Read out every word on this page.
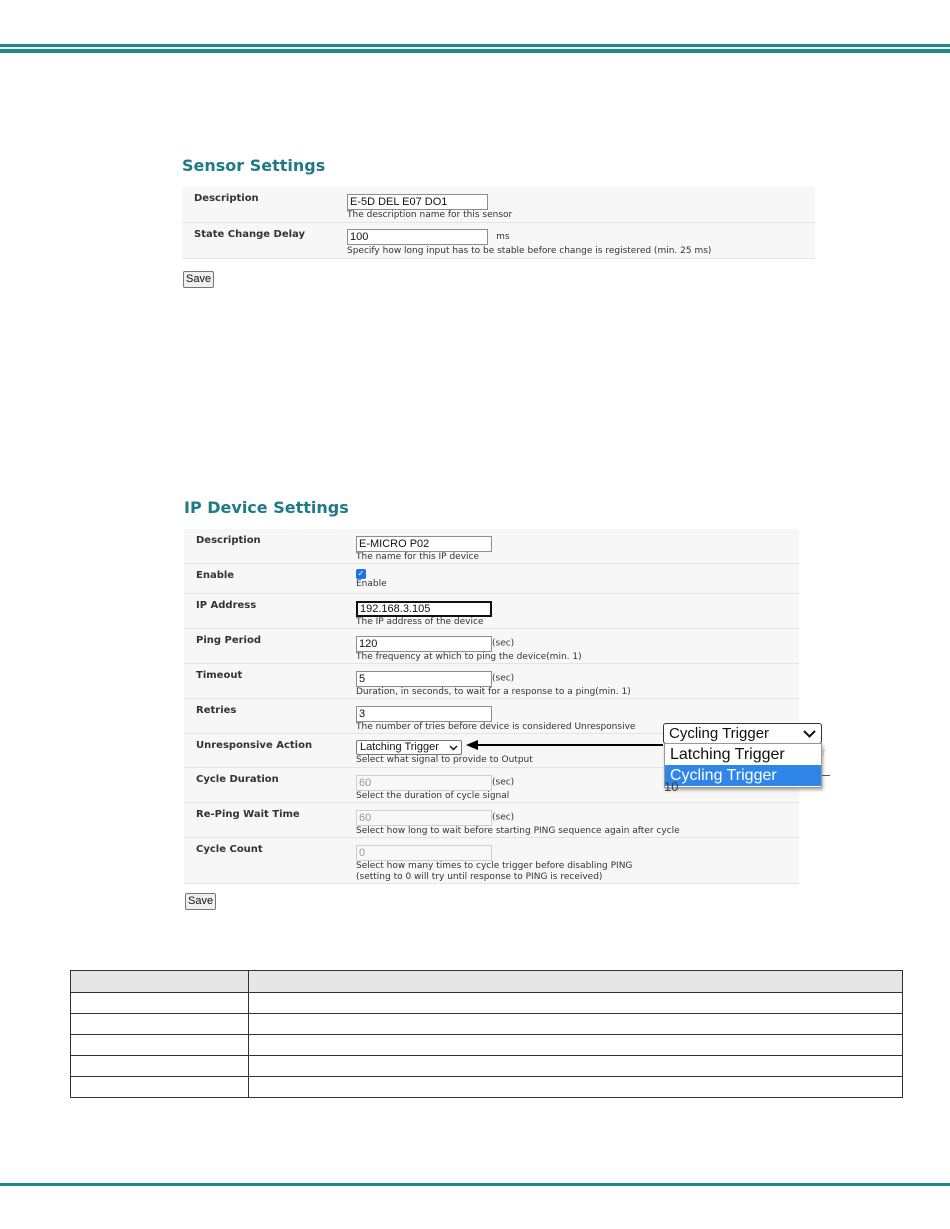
Sensor Settings
Description	E-5D DEL E07 DO1
The description name for this sensor

State Change Delay	100 ms
Specify how long input has to be stable before change is registered (min. 25 ms)
Save
IP Device Settings
Description	E-MICRO P02
The name for this IP device

Enable	✓
Enable

IP Address	192.168.3.105
The IP address of the device

Ping Period	120 (sec)
The frequency at which to ping the device(min. 1)

Timeout	5 (sec)
Duration, in seconds, to wait for a response to a ping(min. 1)

Retries	3
The number of tries before device is considered Unresponsive

Unresponsive Action	Latching Trigger
Select what signal to provide to Output

Cycle Duration	60 (sec)
Select the duration of cycle signal

Re-Ping Wait Time	60 (sec)
Select how long to wait before starting PING sequence again after cycle

Cycle Count	0
Select how many times to cycle trigger before disabling PING
(setting to 0 will try until response to PING is received)
Save
Cycling Trigger
Latching Trigger
Cycling Trigger
r
10
